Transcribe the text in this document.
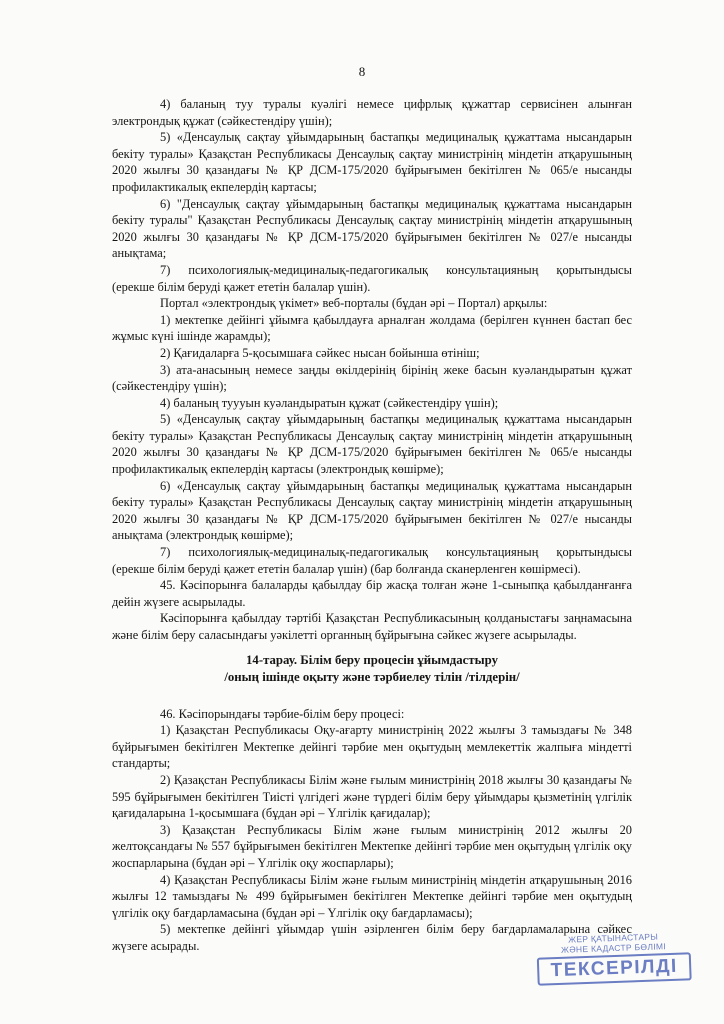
8

4) баланың туу туралы куәлігі немесе цифрлық құжаттар сервисінен алынған электрондық құжат (сәйкестендіру үшін);

5) «Денсаулық сақтау ұйымдарының бастапқы медициналық құжаттама нысандарын бекіту туралы» Қазақстан Республикасы Денсаулық сақтау министрінің міндетін атқарушының 2020 жылғы 30 қазандағы № ҚР ДСМ-175/2020 бұйрығымен бекітілген № 065/е нысанды профилактикалық екпелердің картасы;

6) "Денсаулық сақтау ұйымдарының бастапқы медициналық құжаттама нысандарын бекіту туралы" Қазақстан Республикасы Денсаулық сақтау министрінің міндетін атқарушының 2020 жылғы 30 қазандағы № ҚР ДСМ-175/2020 бұйрығымен бекітілген № 027/е нысанды анықтама;

7) психологиялық-медициналық-педагогикалық консультацияның қорытындысы (ерекше білім беруді қажет ететін балалар үшін).

Портал «электрондық үкімет» веб-порталы (бұдан әрі – Портал) арқылы:

1) мектепке дейінгі ұйымға қабылдауға арналған жолдама (берілген күннен бастап бес жұмыс күні ішінде жарамды);

2) Қағидаларға 5-қосымшаға сәйкес нысан бойынша өтініш;

3) ата-анасының немесе заңды өкілдерінің бірінің жеке басын куәландыратын құжат (сәйкестендіру үшін);

4) баланың туууын куәландыратын құжат (сәйкестендіру үшін);

5) «Денсаулық сақтау ұйымдарының бастапқы медициналық құжаттама нысандарын бекіту туралы» Қазақстан Республикасы Денсаулық сақтау министрінің міндетін атқарушының 2020 жылғы 30 қазандағы № ҚР ДСМ-175/2020 бұйрығымен бекітілген № 065/е нысанды профилактикалық екпелердің картасы (электрондық көшірме);

6) «Денсаулық сақтау ұйымдарының бастапқы медициналық құжаттама нысандарын бекіту туралы» Қазақстан Республикасы Денсаулық сақтау министрінің міндетін атқарушының 2020 жылғы 30 қазандағы № ҚР ДСМ-175/2020 бұйрығымен бекітілген № 027/е нысанды анықтама (электрондық көшірме);

7) психологиялық-медициналық-педагогикалық консультацияның қорытындысы (ерекше білім беруді қажет ететін балалар үшін) (бар болғанда сканерленген көшірмесі).

45. Кәсіпорынға балаларды қабылдау бір жасқа толған және 1-сыныпқа қабылданғанға дейін жүзеге асырылады.

Кәсіпорынға қабылдау тәртібі Қазақстан Республикасының қолданыстағы заңнамасына және білім беру саласындағы уәкілетті органның бұйрығына сәйкес жүзеге асырылады.

14-тарау. Білім беру процесін ұйымдастыру
/оның ішінде оқыту және тәрбиелеу тілін /тілдерін/

46. Кәсіпорындағы тәрбие-білім беру процесі:

1) Қазақстан Республикасы Оқу-ағарту министрінің 2022 жылғы 3 тамыздағы № 348 бұйрығымен бекітілген Мектепке дейінгі тәрбие мен оқытудың мемлекеттік жалпыға міндетті стандарты;

2) Қазақстан Республикасы Білім және ғылым министрінің 2018 жылғы 30 қазандағы № 595 бұйрығымен бекітілген Тиісті үлгідегі және түрдегі білім беру ұйымдары қызметінің үлгілік қағидаларына 1-қосымшаға (бұдан әрі – Үлгілік қағидалар);

3) Қазақстан Республикасы Білім және ғылым министрінің 2012 жылғы 20 желтоқсандағы № 557 бұйрығымен бекітілген Мектепке дейінгі тәрбие мен оқытудың үлгілік оқу жоспарларына (бұдан әрі – Үлгілік оқу жоспарлары);

4) Қазақстан Республикасы Білім және ғылым министрінің міндетін атқарушының 2016 жылғы 12 тамыздағы № 499 бұйрығымен бекітілген Мектепке дейінгі тәрбие мен оқытудың үлгілік оқу бағдарламасына (бұдан әрі – Үлгілік оқу бағдарламасы);

5) мектепке дейінгі ұйымдар үшін әзірленген білім беру бағдарламаларына сәйкес жүзеге асырады.

ЖЕР ҚАТЫНАСТАРЫ
ЖӘНЕ КАДАСТР БӨЛІМІ
ТЕКСЕРІЛДІ
